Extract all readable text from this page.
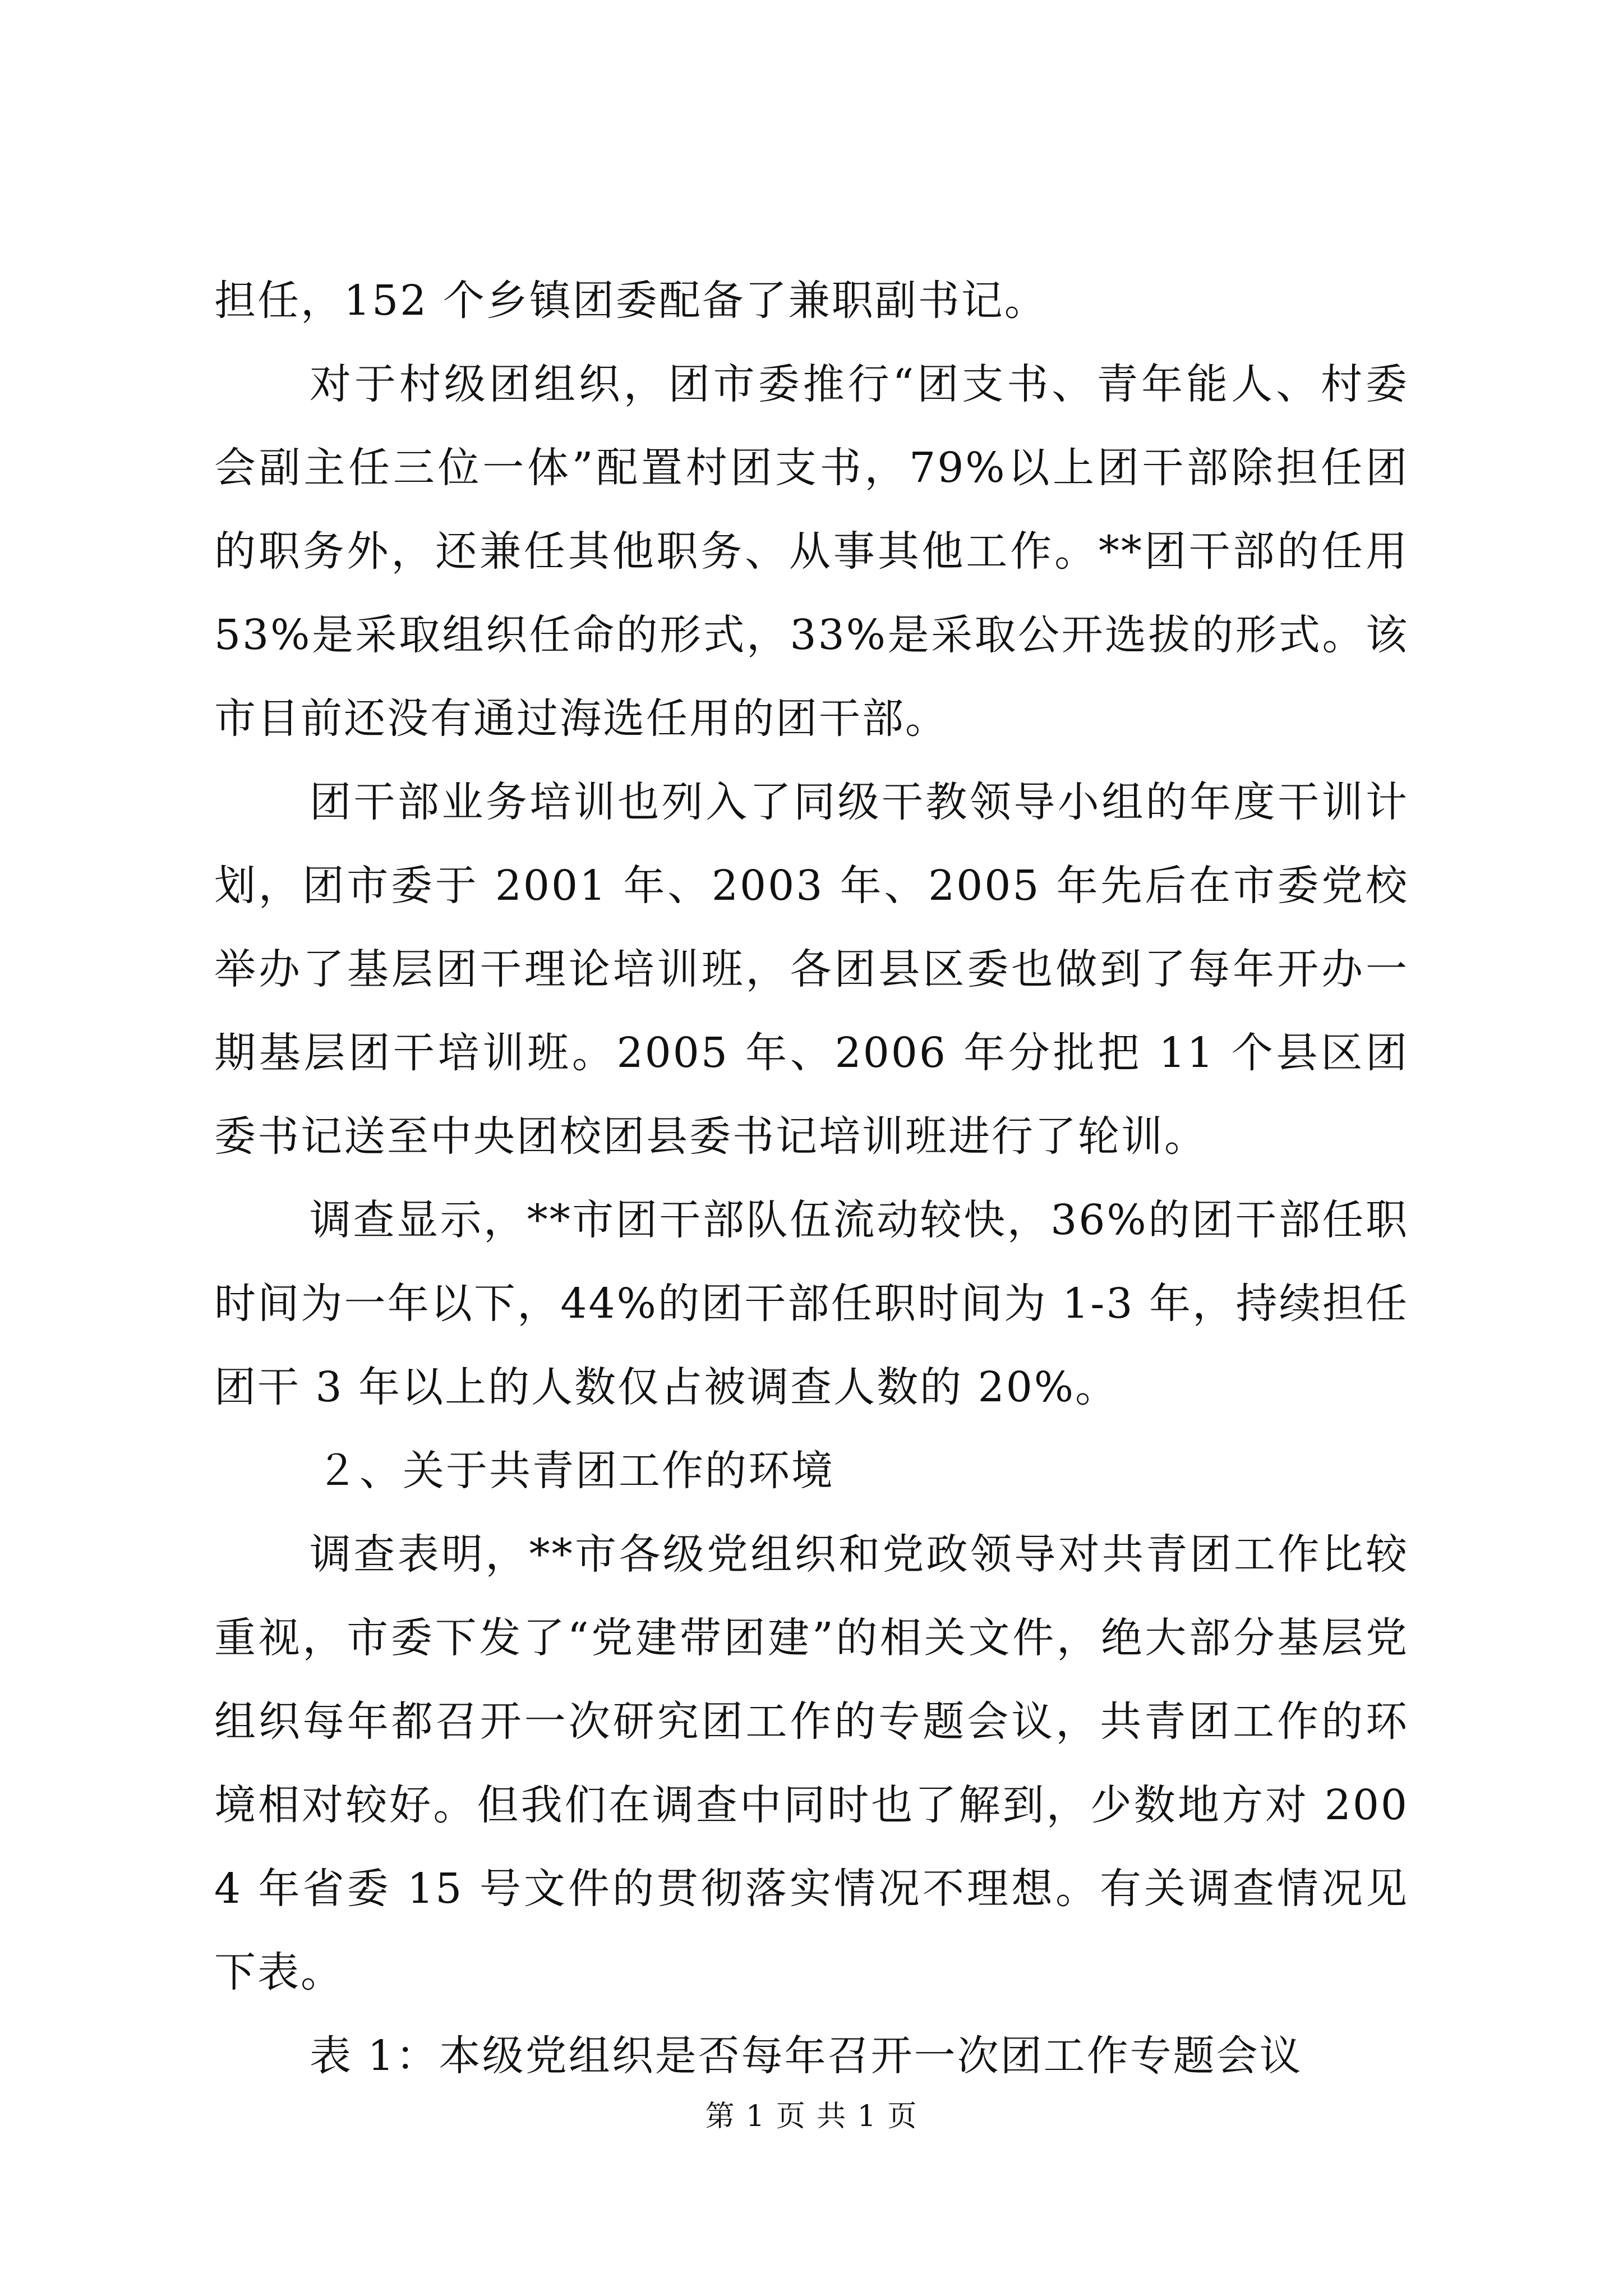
担任，152 个乡镇团委配备了兼职副书记。

对于村级团组织，团市委推行“团支书、青年能人、村委会副主任三位一体”配置村团支书，79%以上团干部除担任团的职务外，还兼任其他职务、从事其他工作。**团干部的任用 53%是采取组织任命的形式，33%是采取公开选拔的形式。该市目前还没有通过海选任用的团干部。

团干部业务培训也列入了同级干教领导小组的年度干训计划，团市委于 2001 年、2003 年、2005 年先后在市委党校举办了基层团干理论培训班，各团县区委也做到了每年开办一期基层团干培训班。2005 年、2006 年分批把 11 个县区团委书记送至中央团校团县委书记培训班进行了轮训。

调查显示，**市团干部队伍流动较快，36%的团干部任职时间为一年以下，44%的团干部任职时间为 1-3 年，持续担任团干 3 年以上的人数仅占被调查人数的 20%。

２、关于共青团工作的环境

调查表明，**市各级党组织和党政领导对共青团工作比较重视，市委下发了“党建带团建”的相关文件，绝大部分基层党组织每年都召开一次研究团工作的专题会议，共青团工作的环境相对较好。但我们在调查中同时也了解到，少数地方对 2004 年省委 15 号文件的贯彻落实情况不理想。有关调查情况见下表。

表 1：本级党组织是否每年召开一次团工作专题会议

第 1 页 共 1 页
